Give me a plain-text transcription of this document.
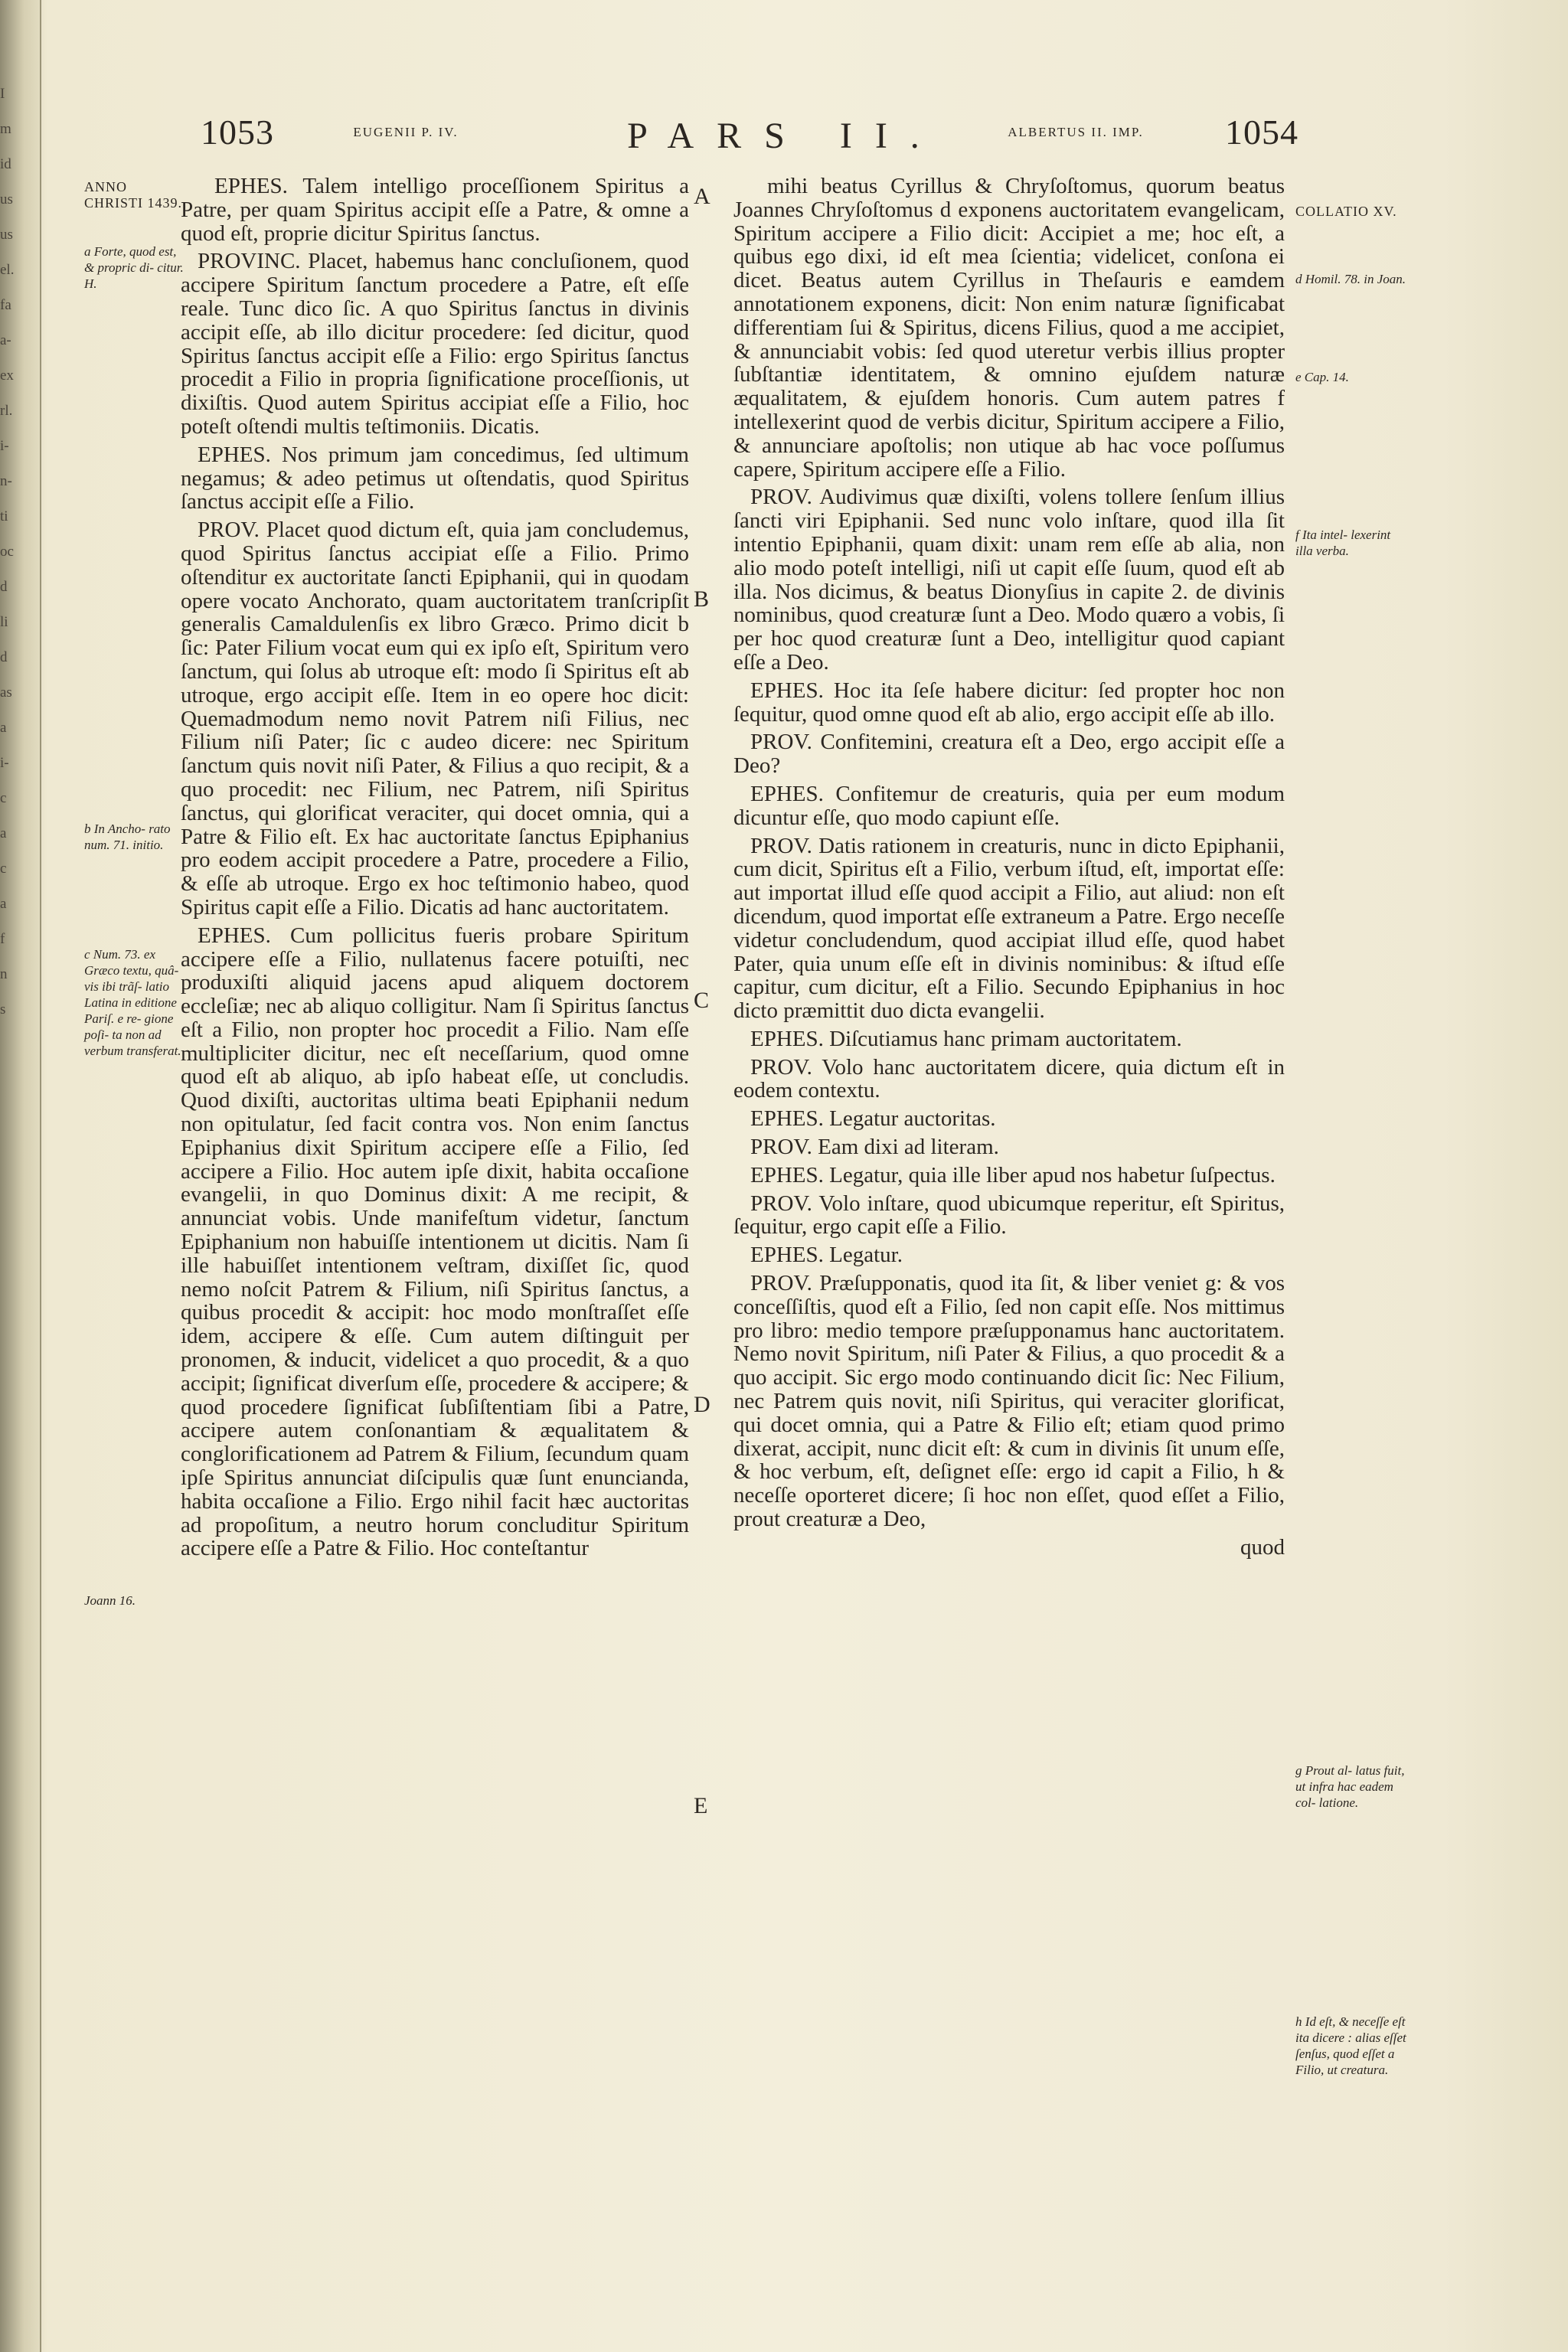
I
m
id
us
us
el.
fa
a-
ex
rl.
i-
n-
ti
oc
d
li
d
as
a
i-
c
a
c
a
f
n
s
1053	EUGENII P. IV.	PARS II.	ALBERTUS II. IMP. 1054
ANNO CHRISTI 1439.
a Forte, quod est, & propric di- citur. H.
b In Ancho- rato num. 71. initio.
c Num. 73. ex Græco textu, quâ- vis ibi trãſ- latio Latina in editione Pariſ. e re- gione poſi- ta non ad verbum transferat.
Joann 16.
COLLATIO XV.
d Homil. 78. in Joan.
e Cap. 14.
f Ita intel- lexerint illa verba.
g Prout al- latus fuit, ut infra hac eadem col- latione.
h Id eſt, & neceſſe eſt ita dicere : alias eſſet ſenſus, quod eſſet a Filio, ut creatura.
A
B
C
D
E

EPHES. Talem intelligo proceſſionem Spiritus a Patre, per quam Spiritus accipit eſſe a Patre, & omne a quod eſt, proprie dicitur Spiritus ſanctus.

PROVINC. Placet, habemus hanc concluſionem, quod accipere Spiritum ſanctum procedere a Patre, eſt eſſe reale. Tunc dico ſic. A quo Spiritus ſanctus in divinis accipit eſſe, ab illo dicitur procedere: ſed dicitur, quod Spiritus ſanctus accipit eſſe a Filio: ergo Spiritus ſanctus procedit a Filio in propria ſignificatione proceſſionis, ut dixiſtis. Quod autem Spiritus accipiat eſſe a Filio, hoc poteſt oſtendi multis teſtimoniis. Dicatis.

EPHES. Nos primum jam concedimus, ſed ultimum negamus; & adeo petimus ut oſtendatis, quod Spiritus ſanctus accipit eſſe a Filio.

PROV. Placet quod dictum eſt, quia jam concludemus, quod Spiritus ſanctus accipiat eſſe a Filio. Primo oſtenditur ex auctoritate ſancti Epiphanii, qui in quodam opere vocato Anchorato, quam auctoritatem tranſcripſit generalis Camaldulenſis ex libro Græco. Primo dicit b ſic: Pater Filium vocat eum qui ex ipſo eſt, Spiritum vero ſanctum, qui ſolus ab utroque eſt: modo ſi Spiritus eſt ab utroque, ergo accipit eſſe. Item in eo opere hoc dicit: Quemadmodum nemo novit Patrem niſi Filius, nec Filium niſi Pater; ſic c audeo dicere: nec Spiritum ſanctum quis novit niſi Pater, & Filius a quo recipit, & a quo procedit: nec Filium, nec Patrem, niſi Spiritus ſanctus, qui glorificat veraciter, qui docet omnia, qui a Patre & Filio eſt. Ex hac auctoritate ſanctus Epiphanius pro eodem accipit procedere a Patre, procedere a Filio, & eſſe ab utroque. Ergo ex hoc teſtimonio habeo, quod Spiritus capit eſſe a Filio. Dicatis ad hanc auctoritatem.

EPHES. Cum pollicitus fueris probare Spiritum accipere eſſe a Filio, nullatenus facere potuiſti, nec produxiſti aliquid jacens apud aliquem doctorem eccleſiæ; nec ab aliquo colligitur. Nam ſi Spiritus ſanctus eſt a Filio, non propter hoc procedit a Filio. Nam eſſe multipliciter dicitur, nec eſt neceſſarium, quod omne quod eſt ab aliquo, ab ipſo habeat eſſe, ut concludis. Quod dixiſti, auctoritas ultima beati Epiphanii nedum non opitulatur, ſed facit contra vos. Non enim ſanctus Epiphanius dixit Spiritum accipere eſſe a Filio, ſed accipere a Filio. Hoc autem ipſe dixit, habita occaſione evangelii, in quo Dominus dixit: A me recipit, & annunciat vobis. Unde manifeſtum videtur, ſanctum Epiphanium non habuiſſe intentionem ut dicitis. Nam ſi ille habuiſſet intentionem veſtram, dixiſſet ſic, quod nemo noſcit Patrem & Filium, niſi Spiritus ſanctus, a quibus procedit & accipit: hoc modo monſtraſſet eſſe idem, accipere & eſſe. Cum autem diſtinguit per pronomen, & inducit, videlicet a quo procedit, & a quo accipit; ſignificat diverſum eſſe, procedere & accipere; & quod procedere ſignificat ſubſiſtentiam ſibi a Patre, accipere autem conſonantiam & æqualitatem & conglorificationem ad Patrem & Filium, ſecundum quam ipſe Spiritus annunciat diſcipulis quæ ſunt enuncianda, habita occaſione a Filio. Ergo nihil facit hæc auctoritas ad propoſitum, a neutro horum concluditur Spiritum accipere eſſe a Patre & Filio. Hoc conteſtantur

mihi beatus Cyrillus & Chryſoſtomus, quorum beatus Joannes Chryſoſtomus d exponens auctoritatem evangelicam, Spiritum accipere a Filio dicit: Accipiet a me; hoc eſt, a quibus ego dixi, id eſt mea ſcientia; videlicet, conſona ei dicet. Beatus autem Cyrillus in Theſauris e eamdem annotationem exponens, dicit: Non enim naturæ ſignificabat differentiam ſui & Spiritus, dicens Filius, quod a me accipiet, & annunciabit vobis: ſed quod uteretur verbis illius propter ſubſtantiæ identitatem, & omnino ejuſdem naturæ æqualitatem, & ejuſdem honoris. Cum autem patres f intellexerint quod de verbis dicitur, Spiritum accipere a Filio, & annunciare apoſtolis; non utique ab hac voce poſſumus capere, Spiritum accipere eſſe a Filio.

PROV. Audivimus quæ dixiſti, volens tollere ſenſum illius ſancti viri Epiphanii. Sed nunc volo inſtare, quod illa ſit intentio Epiphanii, quam dixit: unam rem eſſe ab alia, non alio modo poteſt intelligi, niſi ut capit eſſe ſuum, quod eſt ab illa. Nos dicimus, & beatus Dionyſius in capite 2. de divinis nominibus, quod creaturæ ſunt a Deo. Modo quæro a vobis, ſi per hoc quod creaturæ ſunt a Deo, intelligitur quod capiant eſſe a Deo.

EPHES. Hoc ita ſeſe habere dicitur: ſed propter hoc non ſequitur, quod omne quod eſt ab alio, ergo accipit eſſe ab illo.

PROV. Confitemini, creatura eſt a Deo, ergo accipit eſſe a Deo?

EPHES. Confitemur de creaturis, quia per eum modum dicuntur eſſe, quo modo capiunt eſſe.

PROV. Datis rationem in creaturis, nunc in dicto Epiphanii, cum dicit, Spiritus eſt a Filio, verbum iſtud, eſt, importat eſſe: aut importat illud eſſe quod accipit a Filio, aut aliud: non eſt dicendum, quod importat eſſe extraneum a Patre. Ergo neceſſe videtur concludendum, quod accipiat illud eſſe, quod habet Pater, quia unum eſſe eſt in divinis nominibus: & iſtud eſſe capitur, cum dicitur, eſt a Filio. Secundo Epiphanius in hoc dicto præmittit duo dicta evangelii.

EPHES. Diſcutiamus hanc primam auctoritatem.

PROV. Volo hanc auctoritatem dicere, quia dictum eſt in eodem contextu.

EPHES. Legatur auctoritas.

PROV. Eam dixi ad literam.

EPHES. Legatur, quia ille liber apud nos habetur ſuſpectus.

PROV. Volo inſtare, quod ubicumque reperitur, eſt Spiritus, ſequitur, ergo capit eſſe a Filio.

EPHES. Legatur.

PROV. Præſupponatis, quod ita ſit, & liber veniet g: & vos conceſſiſtis, quod eſt a Filio, ſed non capit eſſe. Nos mittimus pro libro: medio tempore præſupponamus hanc auctoritatem. Nemo novit Spiritum, niſi Pater & Filius, a quo procedit & a quo accipit. Sic ergo modo continuando dicit ſic: Nec Filium, nec Patrem quis novit, niſi Spiritus, qui veraciter glorificat, qui docet omnia, qui a Patre & Filio eſt; etiam quod primo dixerat, accipit, nunc dicit eſt: & cum in divinis ſit unum eſſe, & hoc verbum, eſt, deſignet eſſe: ergo id capit a Filio, h & neceſſe oporteret dicere; ſi hoc non eſſet, quod eſſet a Filio, prout creaturæ a Deo,

quod
